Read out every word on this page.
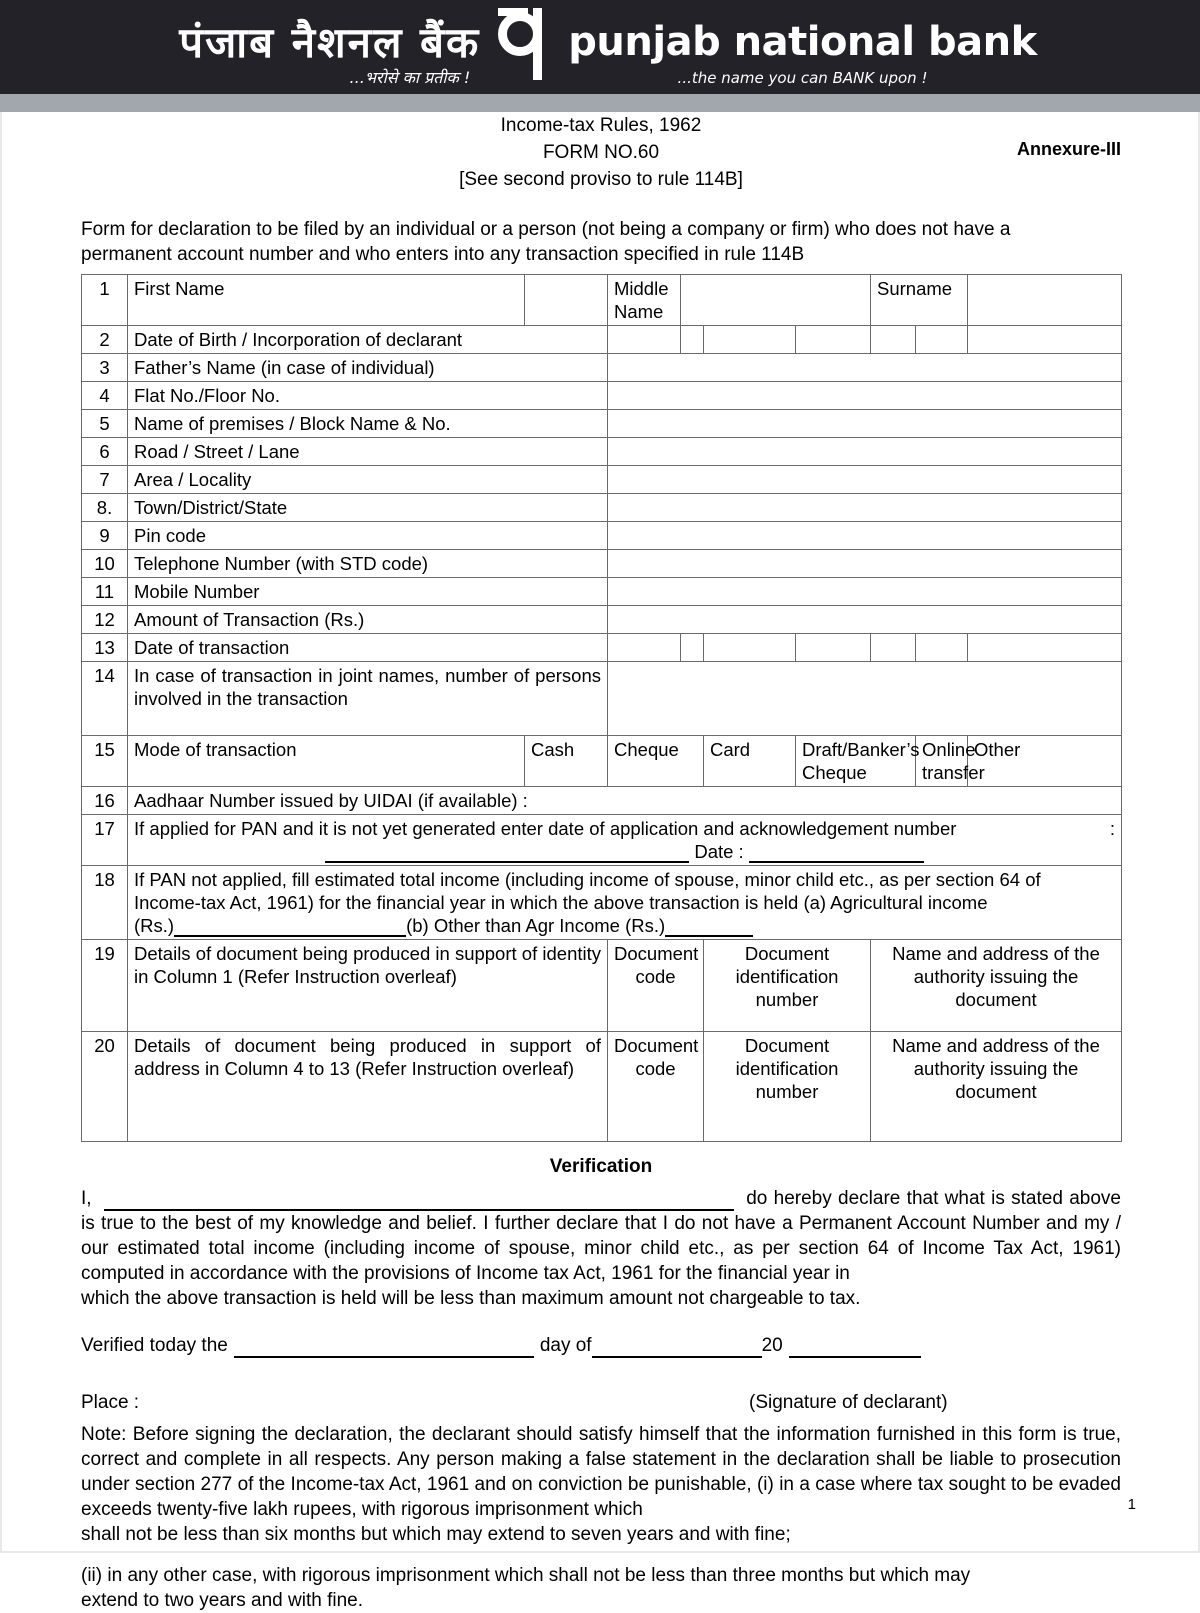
पंजाब नैशनल बैंक
...भरोसे का प्रतीक !
punjab national bank
...the name you can BANK upon !
Income-tax Rules, 1962
FORM NO.60
[See second proviso to rule 114B]
Annexure-III
Form for declaration to be filed by an individual or a person (not being a company or firm) who does not have a
permanent account number and who enters into any transaction specified in rule 114B
1	First Name		Middle Name				Surname		
2	Date of Birth / Incorporation of declarant								
3	Father’s Name (in case of individual)								
4	Flat No./Floor No.								
5	Name of premises / Block Name & No.								
6	Road / Street / Lane								
7	Area / Locality								
8.	Town/District/State								
9	Pin code								
10	Telephone Number (with STD code)								
11	Mobile Number								
12	Amount of Transaction (Rs.)								
13	Date of transaction								
14	In case of transaction in joint names, number of persons involved in the transaction								
15	Mode of transaction	Cash	Cheque		Card	Draft/Banker’s Cheque		Online transfer	Other
16	Aadhaar Number issued by UIDAI (if available) :								
17	If applied for PAN and it is not yet generated enter date of application and acknowledgement number :
Date :								

18	If PAN not applied, fill estimated total income (including income of spouse, minor child etc., as per section 64 of
Income-tax Act, 1961) for the financial year in which the above transaction is held (a) Agricultural income
(Rs.) (b) Other than Agr Income (Rs.)								

19	Details of document being produced in support of identity in Column 1 (Refer Instruction overleaf)		Document code		Document identification number		Name and address of the authority issuing the document		
20	Details of document being produced in support of address in Column 4 to 13 (Refer Instruction overleaf)		Document code		Document identification number		Name and address of the authority issuing the document		
Verification
I,	do hereby declare that what is stated above is true to the best of my knowledge and belief. I further declare that I do not have a Permanent Account Number and my / our estimated total income (including income of spouse, minor child etc., as per section 64 of Income Tax Act, 1961) computed in accordance with the provisions of Income tax Act, 1961 for the financial year in
which the above transaction is held will be less than maximum amount not chargeable to tax.
Verified today the	day of	20
Place :	(Signature of declarant)
Note: Before signing the declaration, the declarant should satisfy himself that the information furnished in this form is true, correct and complete in all respects. Any person making a false statement in the declaration shall be liable to prosecution under section 277 of the Income-tax Act, 1961 and on conviction be punishable, (i) in a case where tax sought to be evaded exceeds twenty-five lakh rupees, with rigorous imprisonment which
shall not be less than six months but which may extend to seven years and with fine;
(ii) in any other case, with rigorous imprisonment which shall not be less than three months but which may
extend to two years and with fine.
1
